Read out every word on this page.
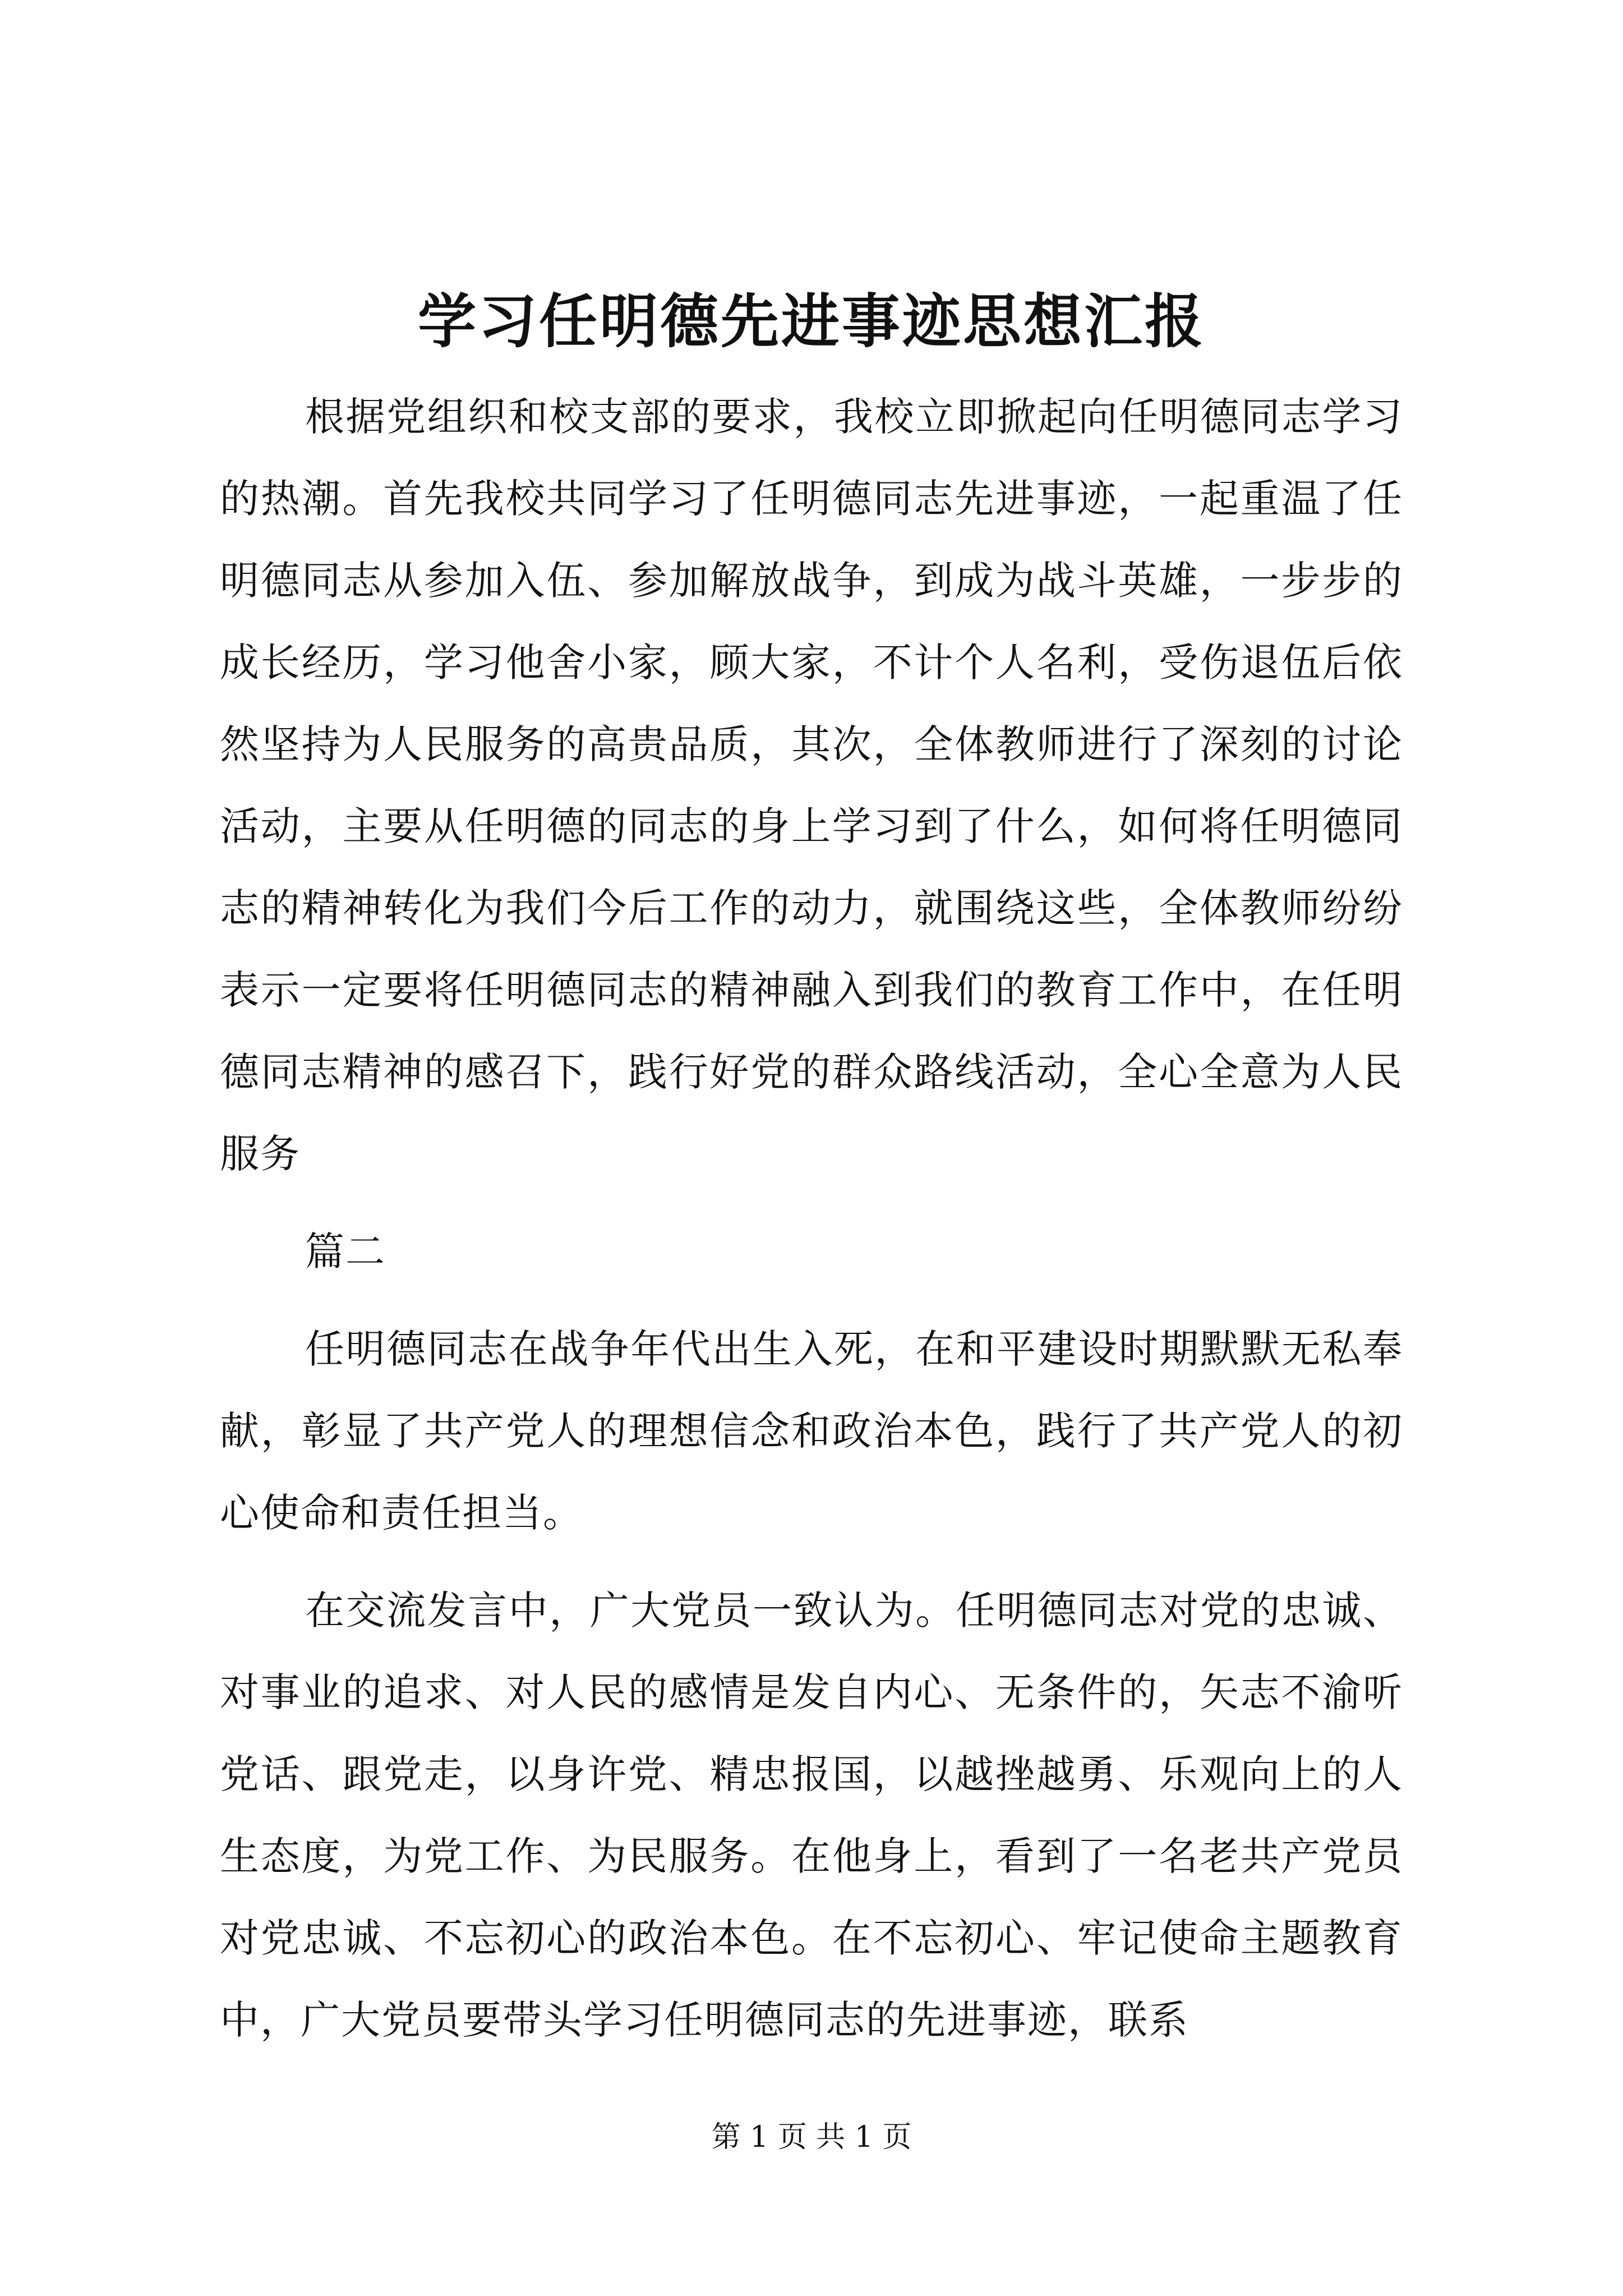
学习任明德先进事迹思想汇报

根据党组织和校支部的要求，我校立即掀起向任明德同志学习的热潮。首先我校共同学习了任明德同志先进事迹，一起重温了任明德同志从参加入伍、参加解放战争，到成为战斗英雄，一步步的成长经历，学习他舍小家，顾大家，不计个人名利，受伤退伍后依然坚持为人民服务的高贵品质，其次，全体教师进行了深刻的讨论活动，主要从任明德的同志的身上学习到了什么，如何将任明德同志的精神转化为我们今后工作的动力，就围绕这些，全体教师纷纷表示一定要将任明德同志的精神融入到我们的教育工作中，在任明德同志精神的感召下，践行好党的群众路线活动，全心全意为人民服务

篇二

任明德同志在战争年代出生入死，在和平建设时期默默无私奉献，彰显了共产党人的理想信念和政治本色，践行了共产党人的初心使命和责任担当。

在交流发言中，广大党员一致认为。任明德同志对党的忠诚、对事业的追求、对人民的感情是发自内心、无条件的，矢志不渝听党话、跟党走，以身许党、精忠报国，以越挫越勇、乐观向上的人生态度，为党工作、为民服务。在他身上，看到了一名老共产党员对党忠诚、不忘初心的政治本色。在不忘初心、牢记使命主题教育中，广大党员要带头学习任明德同志的先进事迹，联系

第 1 页 共 1 页
